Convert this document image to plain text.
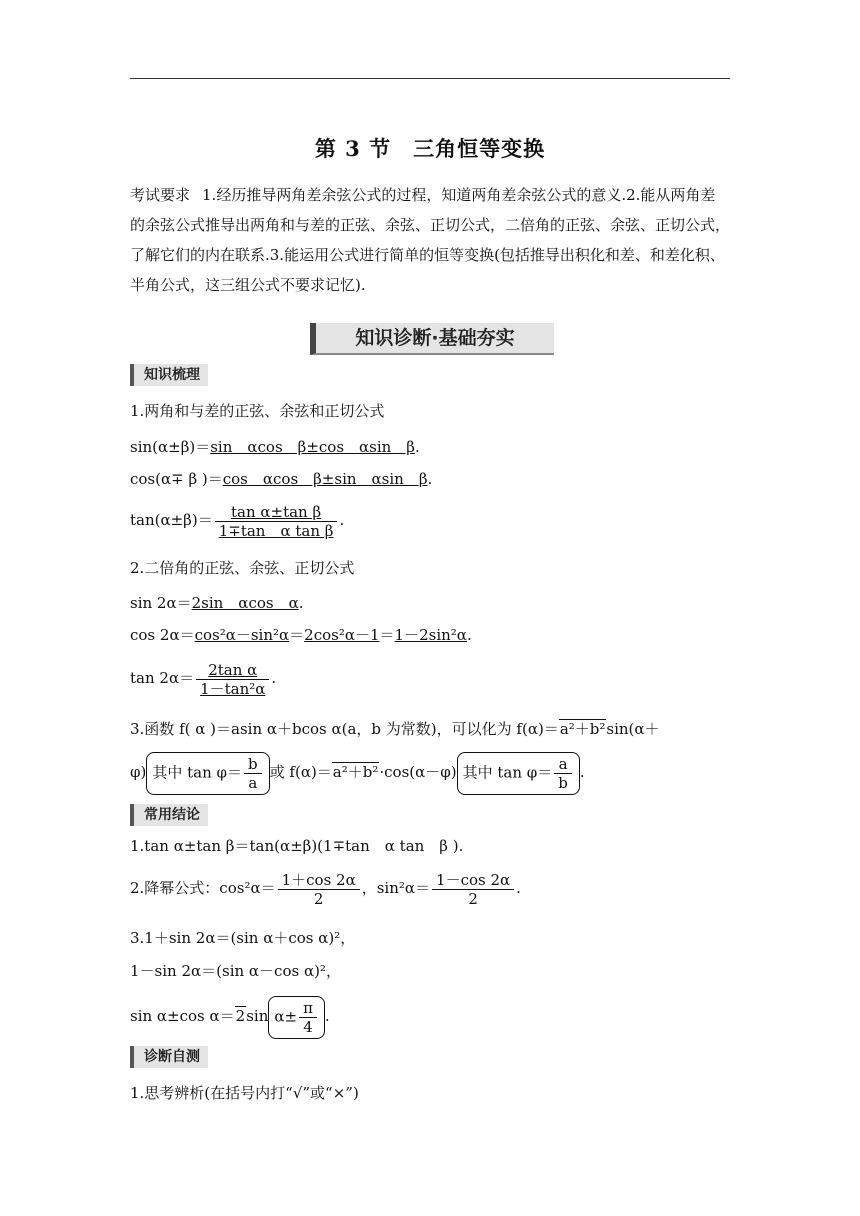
第 3 节　三角恒等变换
考试要求 1.经历推导两角差余弦公式的过程，知道两角差余弦公式的意义.2.能从两角差的余弦公式推导出两角和与差的正弦、余弦、正切公式，二倍角的正弦、余弦、正切公式，了解它们的内在联系.3.能运用公式进行简单的恒等变换(包括推导出积化和差、和差化积、半角公式，这三组公式不要求记忆).
知识诊断·基础夯实
知识梳理
1.两角和与差的正弦、余弦和正切公式
sin(α±β)＝sin　αcos　β±cos　αsin　β.
cos(α∓ β )＝cos　αcos　β±sin　αsin　β.
$\tan(\alpha\pm\beta)= \frac{\text{tan α±tan β}}{\text{1∓tan　α tan β}}$ .
2.二倍角的正弦、余弦、正切公式
sin 2α＝2sin　αcos　α.
cos 2α＝cos²α－sin²α＝2cos²α－1＝1－2sin²α.
$\tan 2\alpha= \frac{\text{2tan α}}{\text{1－tan²α}}$ .
3.函数 f( α )＝asin α＋bcos α(a，b 为常数)，可以化为 f(α)＝a²＋b²sin(α＋
φ) 其中 $\tan \varphi= \frac{b}{a}$ 或 f(α)＝a²＋b²·cos(α－φ) 其中 $\tan \varphi= \frac{a}{b}$ .
常用结论
1.tan α±tan β＝tan(α±β)(1∓tan　α tan　β ).
2.降幂公式：$\cos^2\alpha= \frac{1+\cos 2\alpha}{2}$ ，$\sin^2\alpha= \frac{1-\cos 2\alpha}{2}$ .
3.1＋sin 2α＝(sin α＋cos α)²，
1－sin 2α＝(sin α－cos α)²，
sin α±cos α＝2sin $\alpha\pm \frac{\pi}{4}$ .
诊断自测
1.思考辨析(在括号内打“√”或“×”)
